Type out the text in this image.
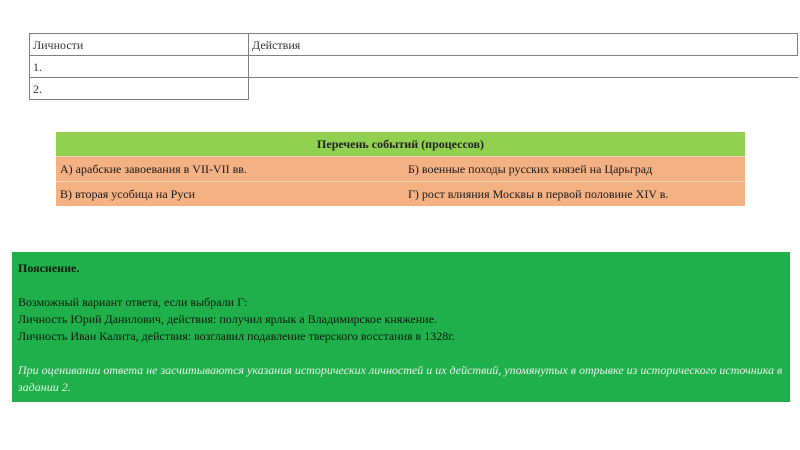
Личности	Действия
1.	
2.	
Перечень событий (процессов)
А) арабские завоевания в VII-VII вв.	Б) военные походы русских князей на Царьград
В) вторая усобица на Руси	Г) рост влияния Москвы в первой половине XIV в.

Пояснение.

Возможный вариант ответа, если выбрали Г:

Личность Юрий Данилович, действия: получил ярлык а Владимирское княжение.

Личность Иван Калита, действия: возглавил подавление тверского восстания в 1328г.

При оценивании ответа не засчитываются указания исторических личностей и их действий, упомянутых в отрывке из исторического источника в задании 2.
